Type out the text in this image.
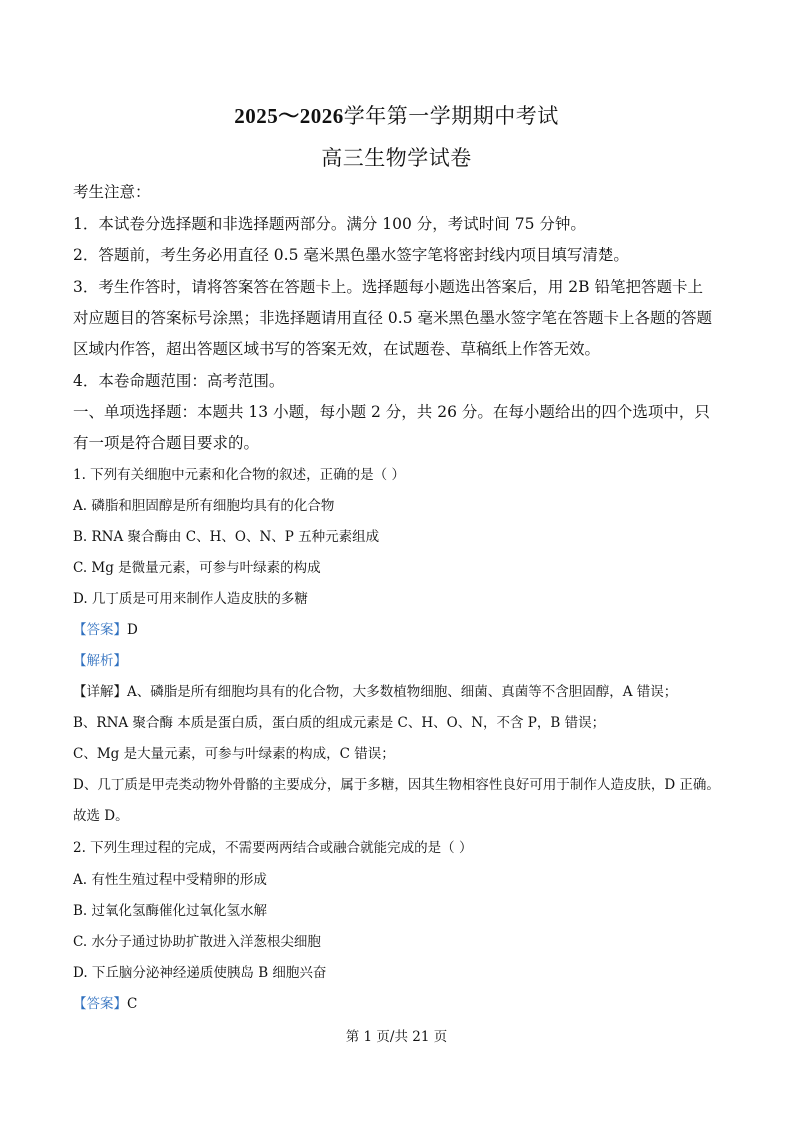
2025～2026学年第一学期期中考试
高三生物学试卷
考生注意：
1．本试卷分选择题和非选择题两部分。满分 100 分，考试时间 75 分钟。
2．答题前，考生务必用直径 0.5 毫米黑色墨水签字笔将密封线内项目填写清楚。
3．考生作答时，请将答案答在答题卡上。选择题每小题选出答案后，用 2B 铅笔把答题卡上
对应题目的答案标号涂黑；非选择题请用直径 0.5 毫米黑色墨水签字笔在答题卡上各题的答题
区域内作答，超出答题区域书写的答案无效，在试题卷、草稿纸上作答无效。
4．本卷命题范围：高考范围。
一、单项选择题：本题共 13 小题，每小题 2 分，共 26 分。在每小题给出的四个选项中，只
有一项是符合题目要求的。
1. 下列有关细胞中元素和化合物的叙述，正确的是（ ）
A. 磷脂和胆固醇是所有细胞均具有的化合物
B. RNA 聚合酶由 C、H、O、N、P 五种元素组成
C. Mg 是微量元素，可参与叶绿素的构成
D. 几丁质是可用来制作人造皮肤的多糖
【答案】D
【解析】
【详解】A、磷脂是所有细胞均具有的化合物，大多数植物细胞、细菌、真菌等不含胆固醇，A 错误；
B、RNA 聚合酶 本质是蛋白质，蛋白质的组成元素是 C、H、O、N，不含 P，B 错误；
C、Mg 是大量元素，可参与叶绿素的构成，C 错误；
D、几丁质是甲壳类动物外骨骼的主要成分，属于多糖，因其生物相容性良好可用于制作人造皮肤，D 正确。
故选 D。
2. 下列生理过程的完成，不需要两两结合或融合就能完成的是（ ）
A. 有性生殖过程中受精卵的形成
B. 过氧化氢酶催化过氧化氢水解
C. 水分子通过协助扩散进入洋葱根尖细胞
D. 下丘脑分泌神经递质使胰岛 B 细胞兴奋
【答案】C
第 1 页/共 21 页
